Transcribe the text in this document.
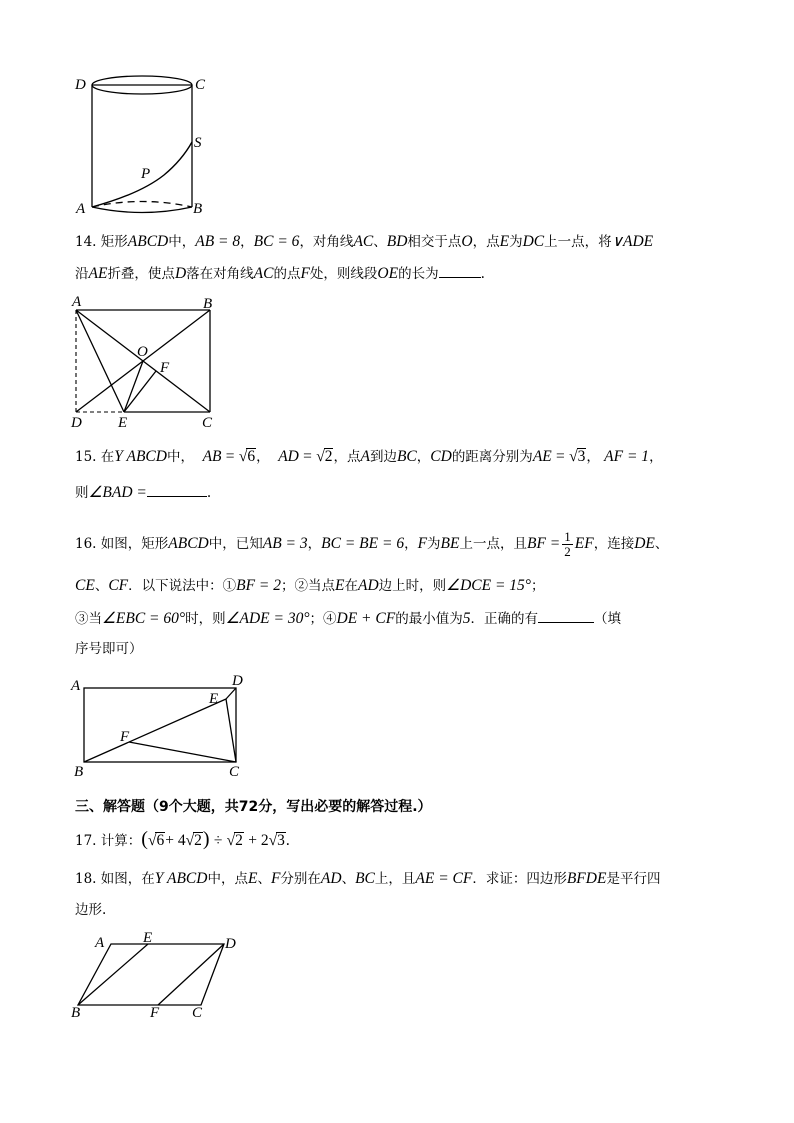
D	C
S
P
A	B
14. 矩形ABCD中，AB = 8，BC = 6，对角线AC、BD相交于点O，点E为DC上一点，将∨ADE
沿AE折叠，使点D落在对角线AC的点F处，则线段OE的长为	.
A	B
O
F
D E	C
15. 在Y ABCD中， AB = √6， AD = √2，点A到边BC，CD的距离分别为AE = √3， AF = 1，
则∠BAD =	.
16. 如图，矩形ABCD中，已知AB = 3，BC = BE = 6，F为BE上一点，且BF = $\frac{1}{2}$ EF，连接DE、
CE、CF．以下说法中：①BF = 2；②当点E在AD边上时，则∠DCE = 15°；
③当∠EBC = 60°时，则∠ADE = 30°；④DE + CF的最小值为5．正确的有	（填
序号即可）
A	D
E
F
B	C
三、解答题（9个大题，共72分，写出必要的解答过程.）
17. 计算：(√6+ 4√2) ÷ √2 + 2√3.
18. 如图，在Y ABCD中，点E、F分别在AD、BC上，且AE = CF．求证：四边形BFDE是平行四
边形.
A	E	D
B	F C
